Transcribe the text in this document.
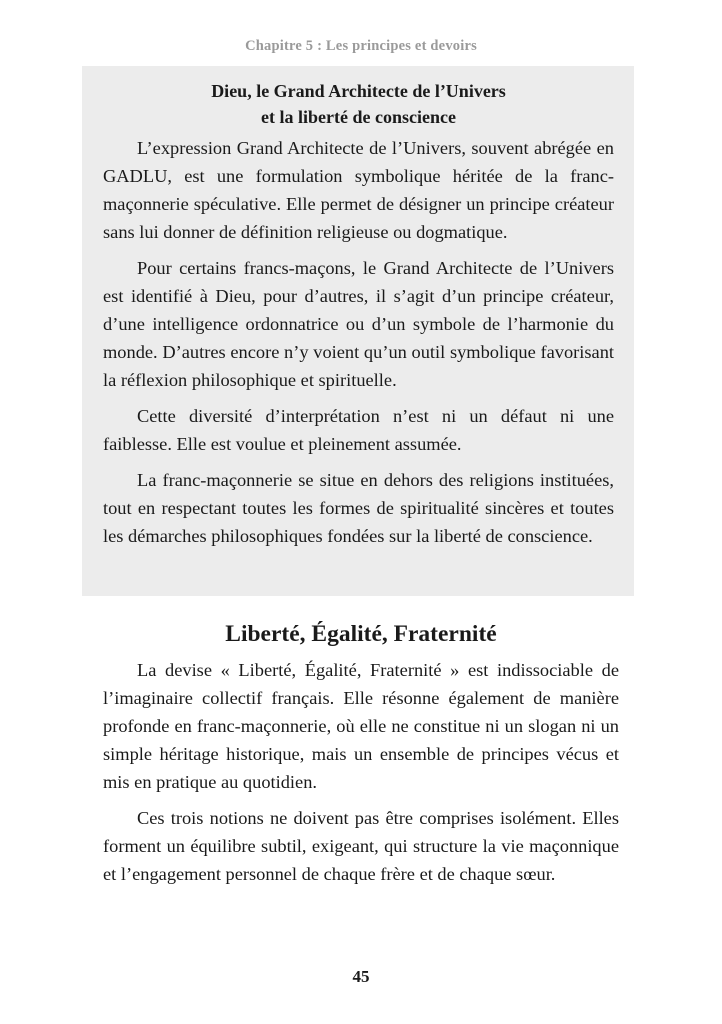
Chapitre 5 : Les principes et devoirs
Dieu, le Grand Architecte de l’Univers
et la liberté de conscience

L’expression Grand Architecte de l’Univers, souvent abrégée en GADLU, est une formulation symbolique héritée de la franc-maçonnerie spéculative. Elle permet de désigner un principe créateur sans lui donner de définition religieuse ou dogmatique.

Pour certains francs-maçons, le Grand Architecte de l’Univers est identifié à Dieu, pour d’autres, il s’agit d’un principe créateur, d’une intelligence ordonnatrice ou d’un symbole de l’harmonie du monde. D’autres encore n’y voient qu’un outil symbolique favorisant la réflexion philosophique et spirituelle.

Cette diversité d’interprétation n’est ni un défaut ni une faiblesse. Elle est voulue et pleinement assumée.

La franc-maçonnerie se situe en dehors des religions instituées, tout en respectant toutes les formes de spiritualité sincères et toutes les démarches philosophiques fondées sur la liberté de conscience.

Liberté, Égalité, Fraternité

La devise « Liberté, Égalité, Fraternité » est indissociable de l’imaginaire collectif français. Elle résonne également de manière profonde en franc-maçonnerie, où elle ne constitue ni un slogan ni un simple héritage historique, mais un ensemble de principes vécus et mis en pratique au quotidien.

Ces trois notions ne doivent pas être comprises isolément. Elles forment un équilibre subtil, exigeant, qui structure la vie maçonnique et l’engagement personnel de chaque frère et de chaque sœur.

45
